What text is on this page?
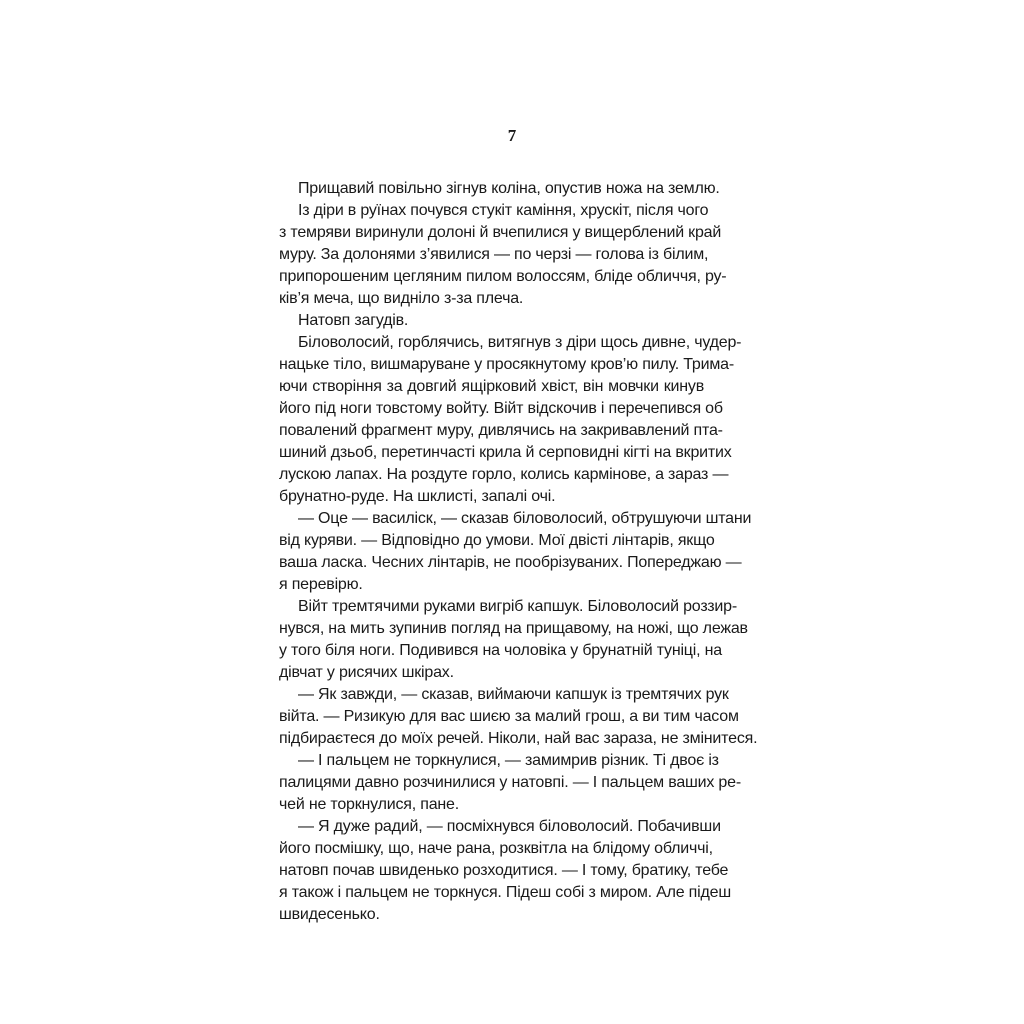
7
Прищавий повільно зігнув коліна, опустив ножа на землю.
Із діри в руїнах почувся стукіт каміння, хрускіт, після чого
з темряви виринули долоні й вчепилися у вищерблений край
муру. За долонями з’явилися — по черзі — голова із білим,
припорошеним цегляним пилом волоссям, бліде обличчя, ру-
ків’я меча, що видніло з-за плеча.
Натовп загудів.
Біловолосий, горблячись, витягнув з діри щось дивне, чудер-
нацьке тіло, вишмаруване у просякнутому кров’ю пилу. Трима-
ючи створіння за довгий ящірковий хвіст, він мовчки кинув
його під ноги товстому войту. Війт відскочив і перечепився об
повалений фрагмент муру, дивлячись на закривавлений пта-
шиний дзьоб, перетинчасті крила й серповидні кігті на вкритих
лускою лапах. На роздуте горло, колись кармінове, а зараз —
брунатно-руде. На шклисті, запалі очі.
— Оце — василіск, — сказав біловолосий, обтрушуючи штани
від куряви. — Відповідно до умови. Мої двісті лінтарів, якщо
ваша ласка. Чесних лінтарів, не пообрізуваних. Попереджаю —
я перевірю.
Війт тремтячими руками вигріб капшук. Біловолосий роззир-
нувся, на мить зупинив погляд на прищавому, на ножі, що лежав
у того біля ноги. Подивився на чоловіка у брунатній туніці, на
дівчат у рисячих шкірах.
— Як завжди, — сказав, виймаючи капшук із тремтячих рук
війта. — Ризикую для вас шиєю за малий грош, а ви тим часом
підбираєтеся до моїх речей. Ніколи, най вас зараза, не змінитеся.
— І пальцем не торкнулися, — замимрив різник. Ті двоє із
палицями давно розчинилися у натовпі. — І пальцем ваших ре-
чей не торкнулися, пане.
— Я дуже радий, — посміхнувся біловолосий. Побачивши
його посмішку, що, наче рана, розквітла на блідому обличчі,
натовп почав швиденько розходитися. — І тому, братику, тебе
я також і пальцем не торкнуся. Підеш собі з миром. Але підеш
швидесенько.
